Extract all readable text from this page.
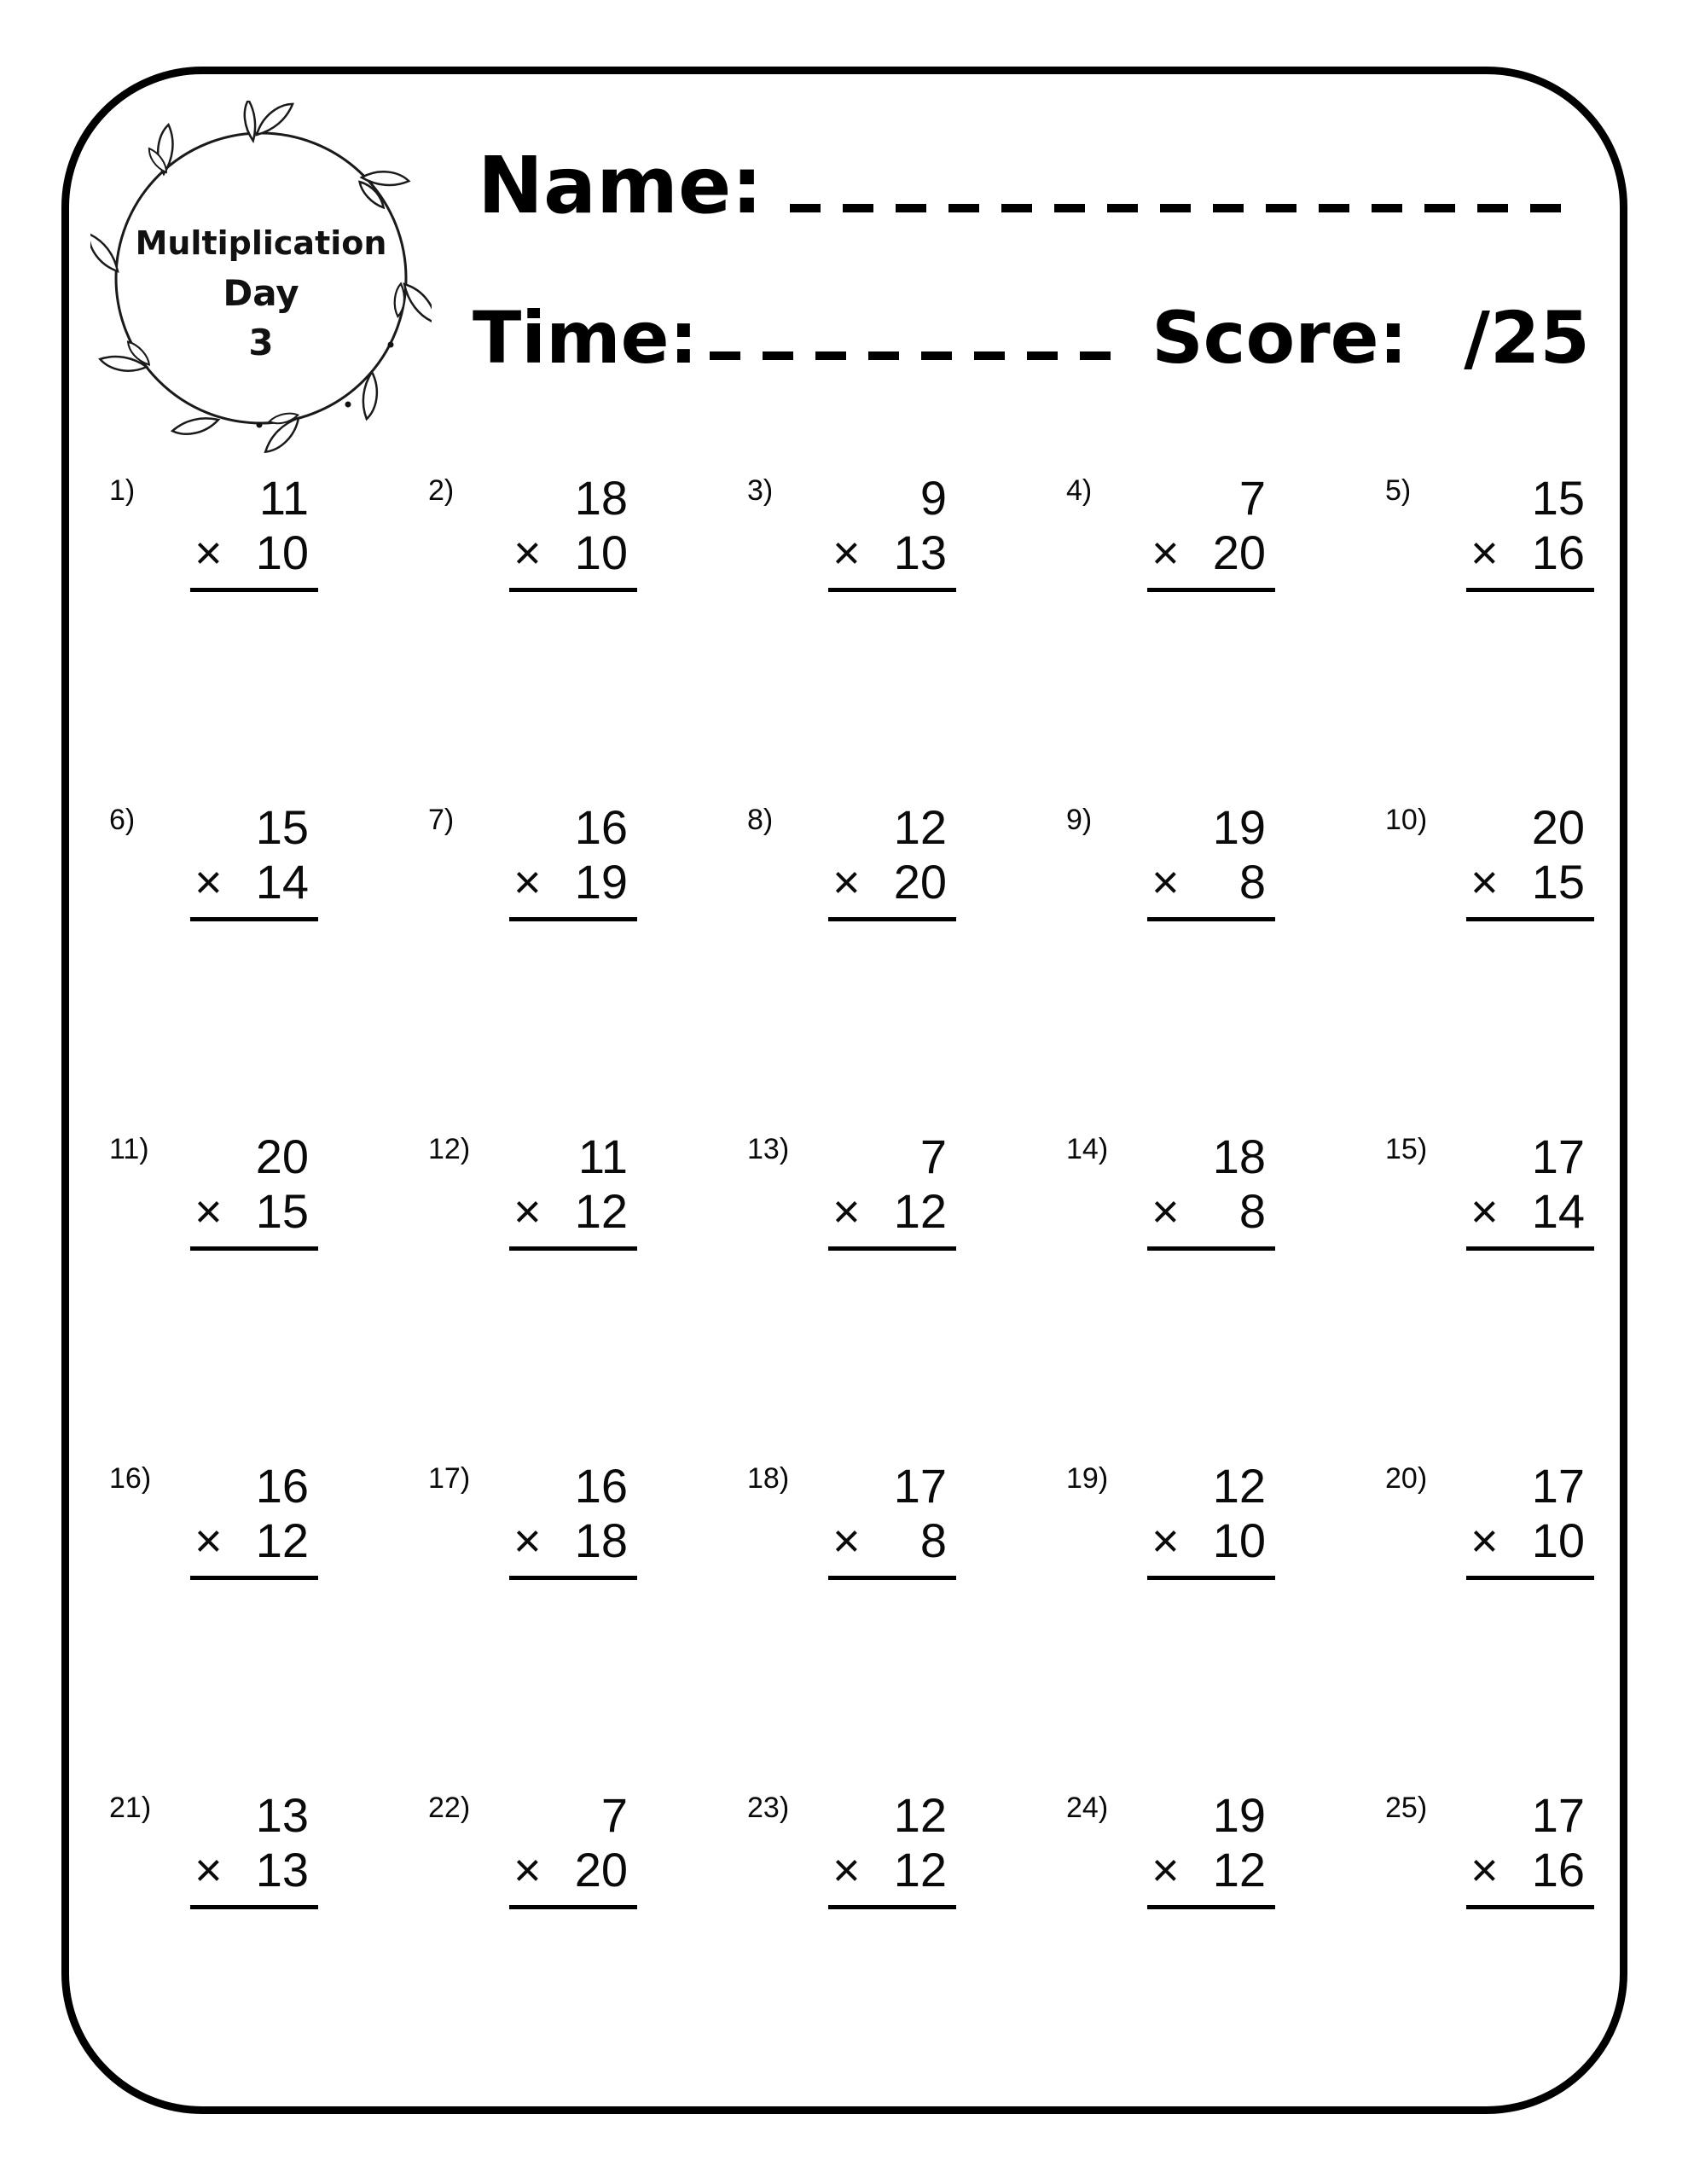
Multiplication
Day
3
Name:
Time:	Score: /25
1)	11
× 10
2)	18
× 10
3)	9
× 13
4)	7
× 20
5)	15
× 16
6)	15
× 14
7)	16
× 19
8)	12
× 20
9)	19
× 8
10)	20
× 15
11)	20
× 15
12)	11
× 12
13)	7
× 12
14)	18
× 8
15)	17
× 14
16)	16
× 12
17)	16
× 18
18)	17
× 8
19)	12
× 10
20)	17
× 10
21)	13
× 13
22)	7
× 20
23)	12
× 12
24)	19
× 12
25)	17
× 16
